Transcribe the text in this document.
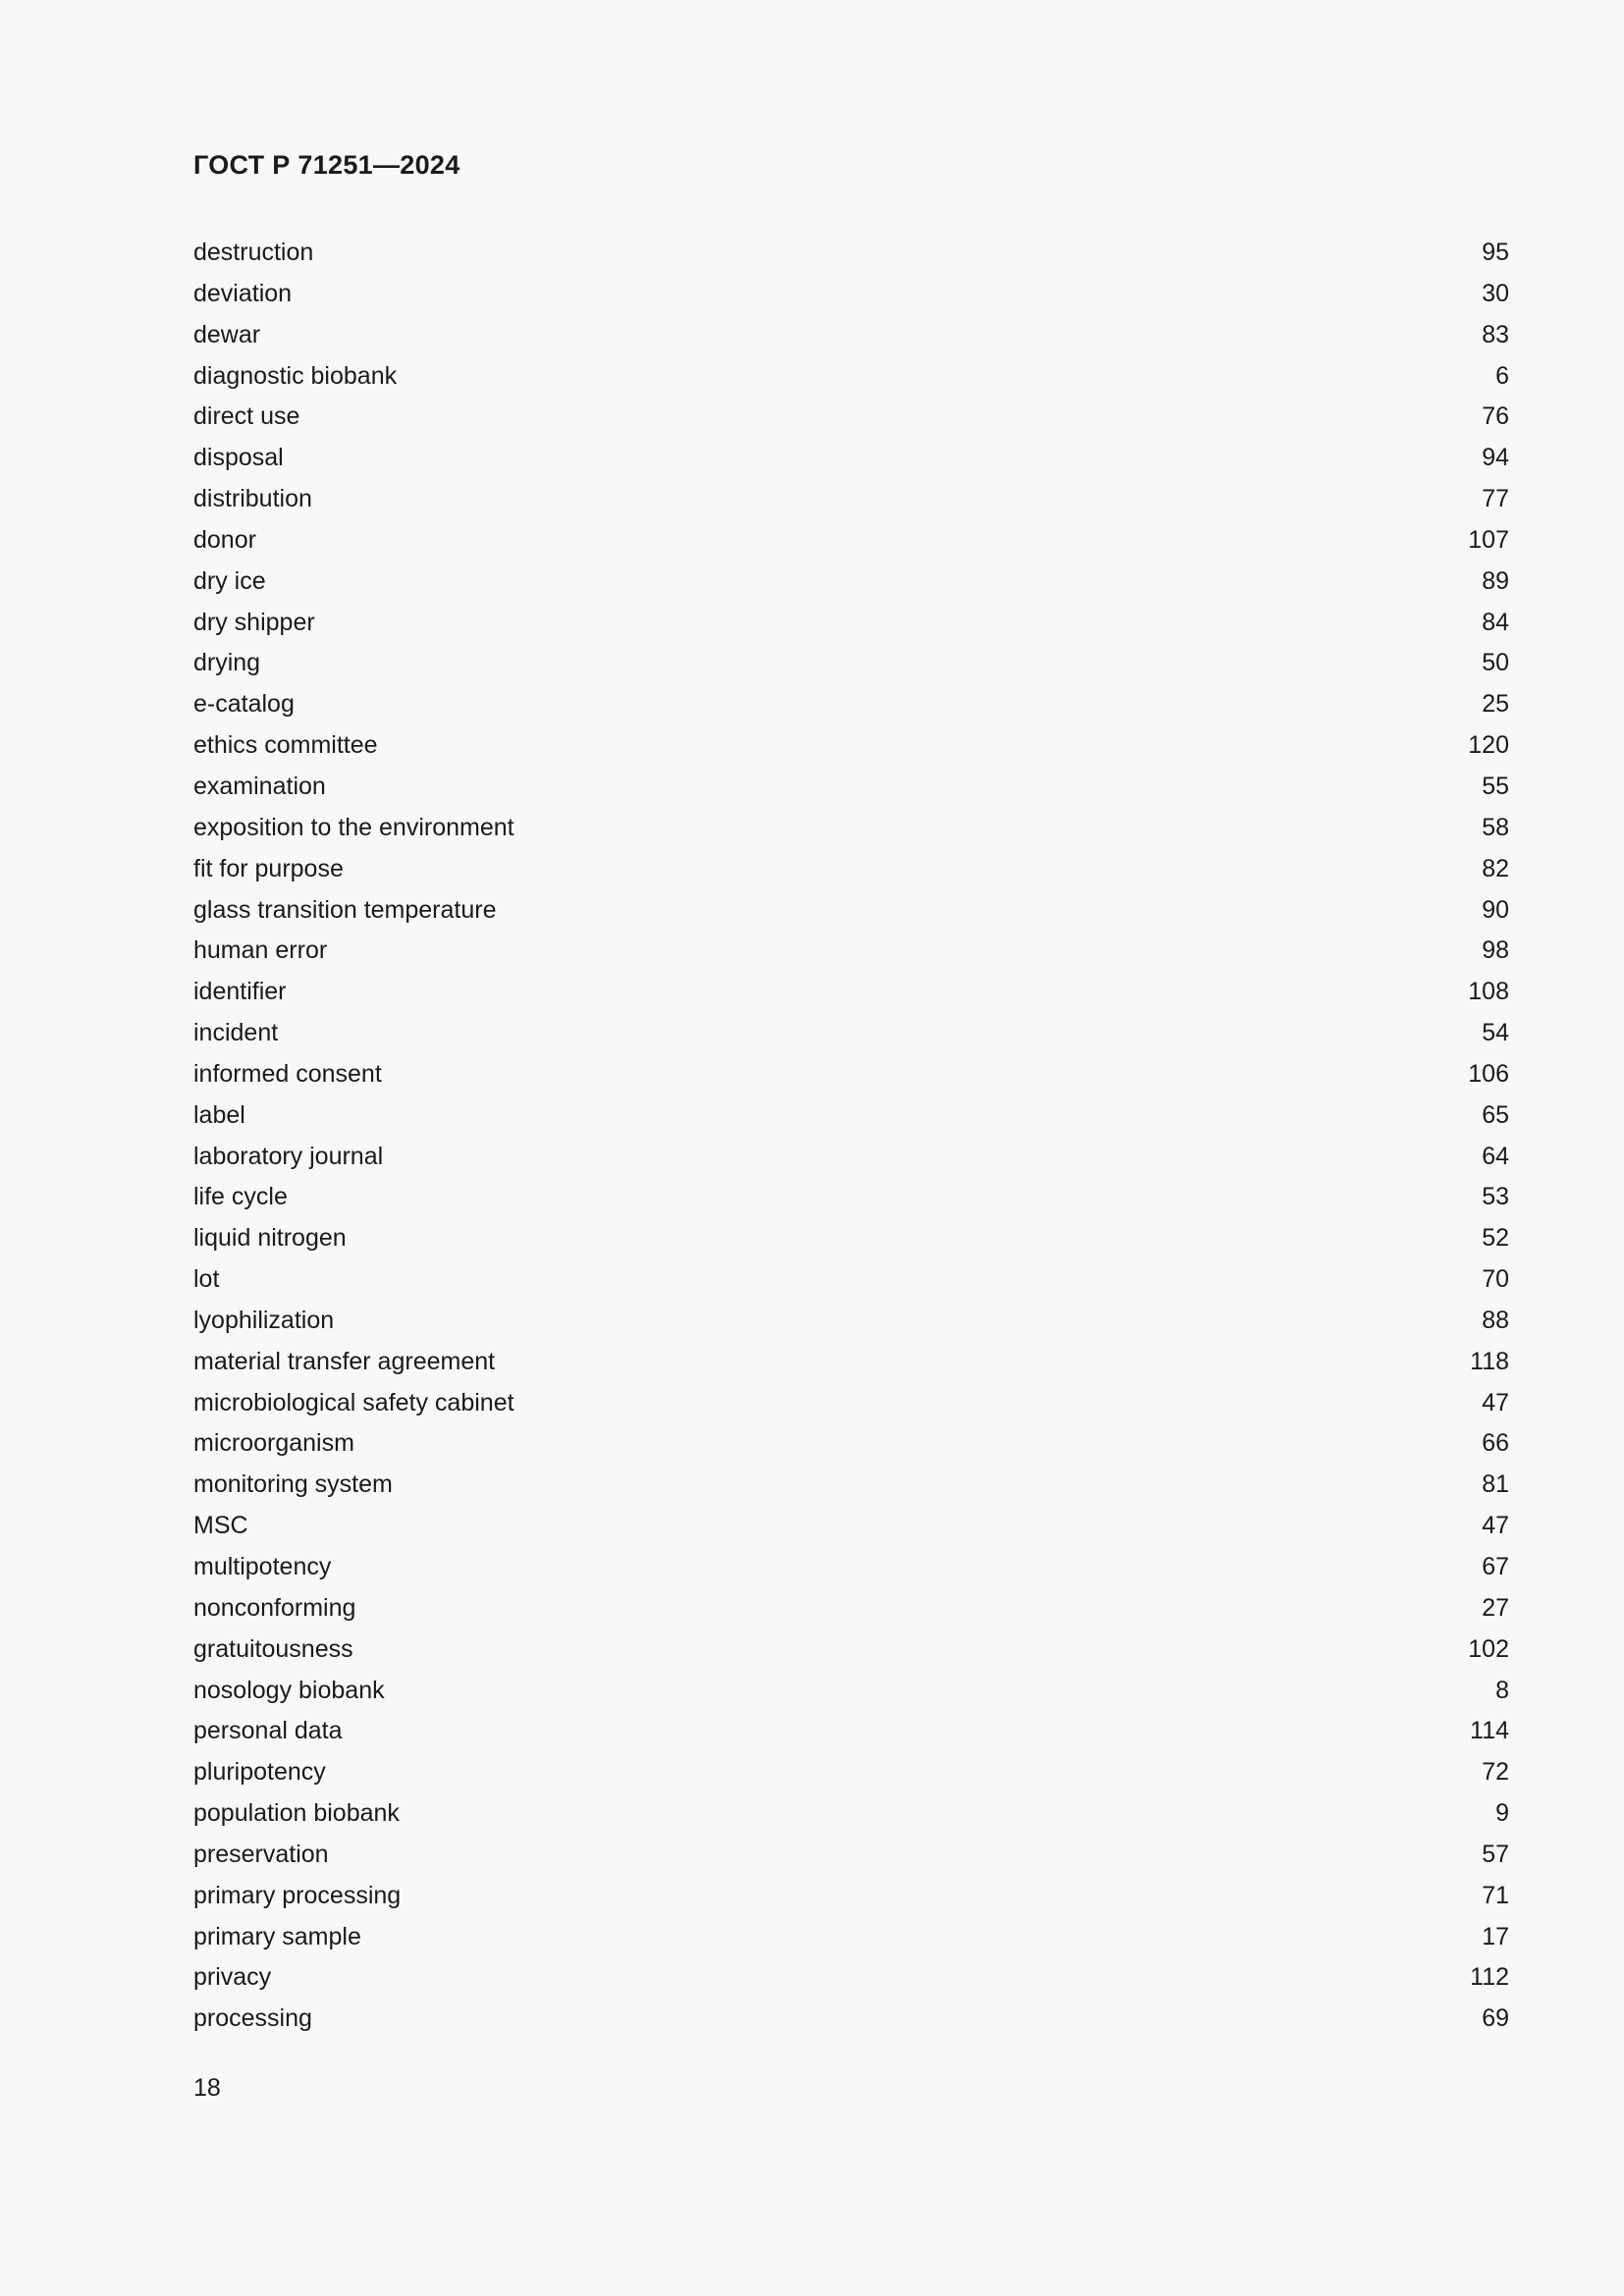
ГОСТ Р 71251—2024
destruction	95
deviation	30
dewar	83
diagnostic biobank	6
direct use	76
disposal	94
distribution	77
donor	107
dry ice	89
dry shipper	84
drying	50
e-catalog	25
ethics committee	120
examination	55
exposition to the environment	58
fit for purpose	82
glass transition temperature	90
human error	98
identifier	108
incident	54
informed consent	106
label	65
laboratory journal	64
life cycle	53
liquid nitrogen	52
lot	70
lyophilization	88
material transfer agreement	118
microbiological safety cabinet	47
microorganism	66
monitoring system	81
MSC	47
multipotency	67
nonconforming	27
gratuitousness	102
nosology biobank	8
personal data	114
pluripotency	72
population biobank	9
preservation	57
primary processing	71
primary sample	17
privacy	112
processing	69
18
